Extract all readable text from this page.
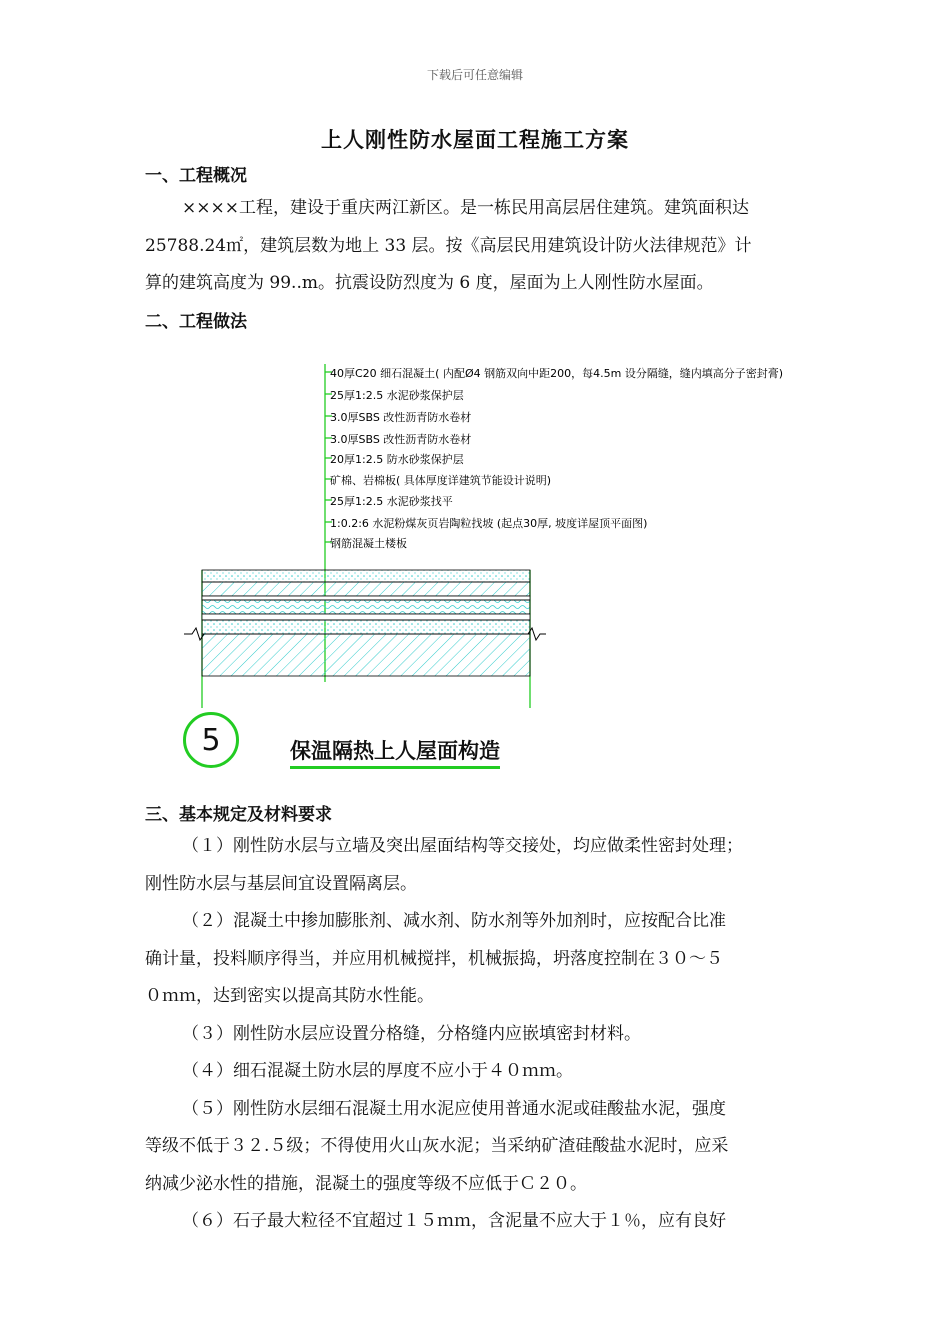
下载后可任意编辑
上人刚性防水屋面工程施工方案
一、工程概况
××××工程，建设于重庆两江新区。是一栋民用高层居住建筑。建筑面积达
25788.24㎡，建筑层数为地上 33 层。按《高层民用建筑设计防火法律规范》计
算的建筑高度为 99..m。抗震设防烈度为 6 度，屋面为上人刚性防水屋面。
二、工程做法
40厚C20 细石混凝土( 内配Ø4 钢筋双向中距200，每4.5m 设分隔缝，缝内填高分子密封膏)
25厚1:2.5 水泥砂浆保护层
3.0厚SBS 改性沥青防水卷材
3.0厚SBS 改性沥青防水卷材
20厚1:2.5 防水砂浆保护层
矿棉、岩棉板( 具体厚度详建筑节能设计说明)
25厚1:2.5 水泥砂浆找平
1:0.2:6 水泥粉煤灰页岩陶粒找坡 (起点30厚, 坡度详屋顶平面图)
钢筋混凝土楼板
5	保温隔热上人屋面构造
三、基本规定及材料要求
（１）刚性防水层与立墙及突出屋面结构等交接处，均应做柔性密封处理；
刚性防水层与基层间宜设置隔离层。
（２）混凝土中掺加膨胀剂、减水剂、防水剂等外加剂时，应按配合比准
确计量，投料顺序得当，并应用机械搅拌，机械振捣，坍落度控制在３０～５
０ｍｍ，达到密实以提高其防水性能。
（３）刚性防水层应设置分格缝，分格缝内应嵌填密封材料。
（４）细石混凝土防水层的厚度不应小于４０ｍｍ。
（５）刚性防水层细石混凝土用水泥应使用普通水泥或硅酸盐水泥，强度
等级不低于３２.５级；不得使用火山灰水泥；当采纳矿渣硅酸盐水泥时，应采
纳减少泌水性的措施，混凝土的强度等级不应低于Ｃ２０。
（６）石子最大粒径不宜超过１５ｍｍ，含泥量不应大于１％，应有良好
